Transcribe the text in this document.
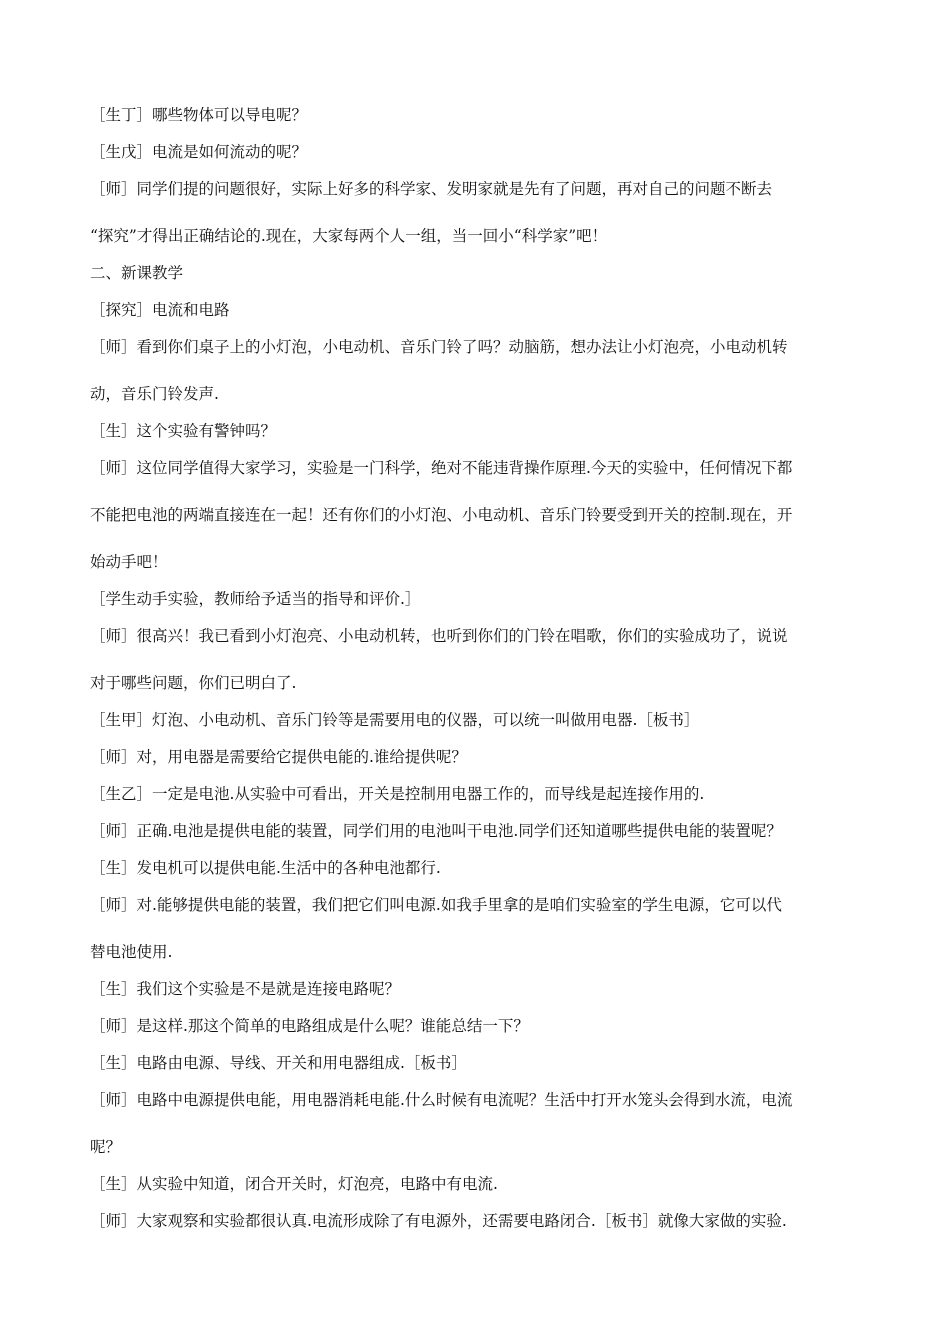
［生丁］哪些物体可以导电呢？

［生戊］电流是如何流动的呢？

［师］同学们提的问题很好，实际上好多的科学家、发明家就是先有了问题，再对自己的问题不断去

“探究”才得出正确结论的.现在，大家每两个人一组，当一回小“科学家”吧！

二、新课教学

［探究］电流和电路

［师］看到你们桌子上的小灯泡，小电动机、音乐门铃了吗？动脑筋，想办法让小灯泡亮，小电动机转

动，音乐门铃发声.

［生］这个实验有警钟吗？

［师］这位同学值得大家学习，实验是一门科学，绝对不能违背操作原理.今天的实验中，任何情况下都

不能把电池的两端直接连在一起！还有你们的小灯泡、小电动机、音乐门铃要受到开关的控制.现在，开

始动手吧！

［学生动手实验，教师给予适当的指导和评价.］

［师］很高兴！我已看到小灯泡亮、小电动机转，也听到你们的门铃在唱歌，你们的实验成功了，说说

对于哪些问题，你们已明白了.

［生甲］灯泡、小电动机、音乐门铃等是需要用电的仪器，可以统一叫做用电器.［板书］

［师］对，用电器是需要给它提供电能的.谁给提供呢？

［生乙］一定是电池.从实验中可看出，开关是控制用电器工作的，而导线是起连接作用的.

［师］正确.电池是提供电能的装置，同学们用的电池叫干电池.同学们还知道哪些提供电能的装置呢？

［生］发电机可以提供电能.生活中的各种电池都行.

［师］对.能够提供电能的装置，我们把它们叫电源.如我手里拿的是咱们实验室的学生电源，它可以代

替电池使用.

［生］我们这个实验是不是就是连接电路呢？

［师］是这样.那这个简单的电路组成是什么呢？谁能总结一下？

［生］电路由电源、导线、开关和用电器组成.［板书］

［师］电路中电源提供电能，用电器消耗电能.什么时候有电流呢？生活中打开水笼头会得到水流，电流

呢？

［生］从实验中知道，闭合开关时，灯泡亮，电路中有电流.

［师］大家观察和实验都很认真.电流形成除了有电源外，还需要电路闭合.［板书］就像大家做的实验.
